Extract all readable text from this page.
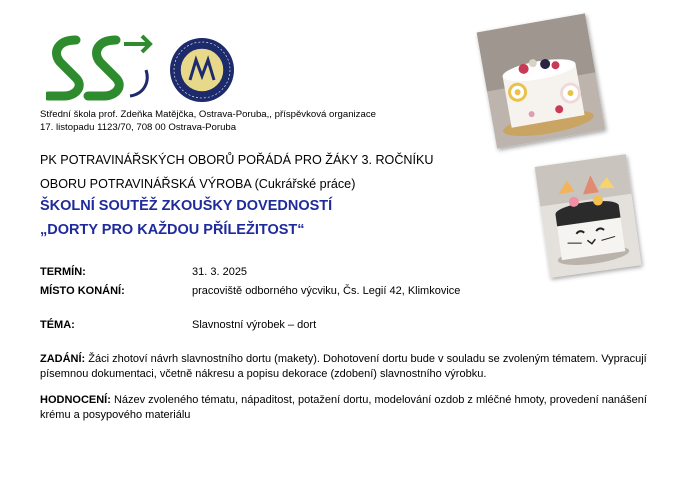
Střední škola prof. Zdeňka Matějčka, Ostrava-Poruba,, příspěvková organizace
17. listopadu 1123/70, 708 00 Ostrava-Poruba
PK POTRAVINÁŘSKÝCH OBORŮ POŘÁDÁ PRO ŽÁKY 3. ROČNÍKU
OBORU POTRAVINÁŘSKÁ VÝROBA (Cukrářské práce)
ŠKOLNÍ SOUTĚŽ ZKOUŠKY DOVEDNOSTÍ
„DORTY PRO KAŽDOU PŘÍLEŽITOST“
TERMÍN:	31. 3. 2025
MÍSTO KONÁNÍ:	pracoviště odborného výcviku, Čs. Legií 42, Klimkovice
TÉMA:	Slavnostní výrobek – dort
ZADÁNÍ: Žáci zhotoví návrh slavnostního dortu (makety). Dohotovení dortu bude v souladu se zvoleným tématem. Vypracují písemnou dokumentaci, včetně nákresu a popisu dekorace (zdobení) slavnostního výrobku.
HODNOCENÍ: Název zvoleného tématu, nápaditost, potažení dortu, modelování ozdob z mléčné hmoty, provedení nanášení krému a posypového materiálu
